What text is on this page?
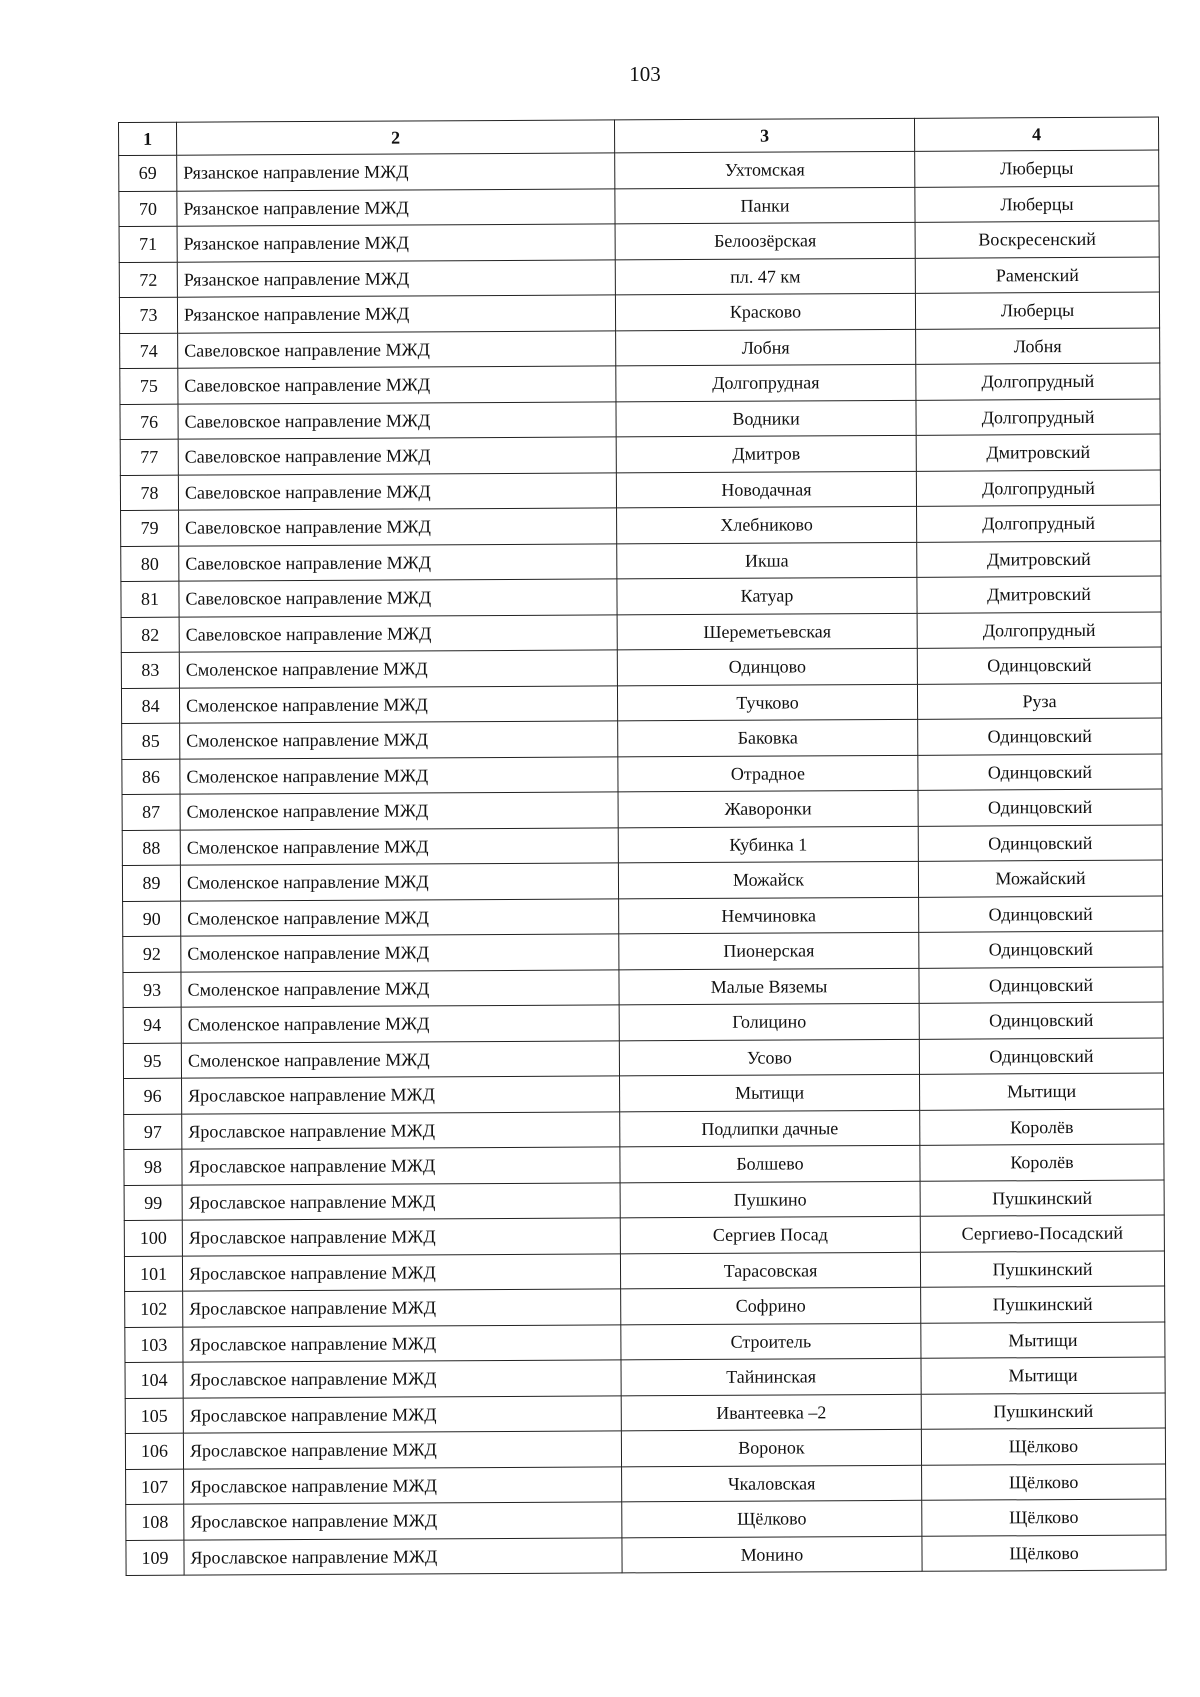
103
1	2	3	4
69	Рязанское направление МЖД	Ухтомская	Люберцы
70	Рязанское направление МЖД	Панки	Люберцы
71	Рязанское направление МЖД	Белоозёрская	Воскресенский
72	Рязанское направление МЖД	пл. 47 км	Раменский
73	Рязанское направление МЖД	Красково	Люберцы
74	Савеловское направление МЖД	Лобня	Лобня
75	Савеловское направление МЖД	Долгопрудная	Долгопрудный
76	Савеловское направление МЖД	Водники	Долгопрудный
77	Савеловское направление МЖД	Дмитров	Дмитровский
78	Савеловское направление МЖД	Новодачная	Долгопрудный
79	Савеловское направление МЖД	Хлебниково	Долгопрудный
80	Савеловское направление МЖД	Икша	Дмитровский
81	Савеловское направление МЖД	Катуар	Дмитровский
82	Савеловское направление МЖД	Шереметьевская	Долгопрудный
83	Смоленское направление МЖД	Одинцово	Одинцовский
84	Смоленское направление МЖД	Тучково	Руза
85	Смоленское направление МЖД	Баковка	Одинцовский
86	Смоленское направление МЖД	Отрадное	Одинцовский
87	Смоленское направление МЖД	Жаворонки	Одинцовский
88	Смоленское направление МЖД	Кубинка 1	Одинцовский
89	Смоленское направление МЖД	Можайск	Можайский
90	Смоленское направление МЖД	Немчиновка	Одинцовский
92	Смоленское направление МЖД	Пионерская	Одинцовский
93	Смоленское направление МЖД	Малые Вяземы	Одинцовский
94	Смоленское направление МЖД	Голицино	Одинцовский
95	Смоленское направление МЖД	Усово	Одинцовский
96	Ярославское направление МЖД	Мытищи	Мытищи
97	Ярославское направление МЖД	Подлипки дачные	Королёв
98	Ярославское направление МЖД	Болшево	Королёв
99	Ярославское направление МЖД	Пушкино	Пушкинский
100	Ярославское направление МЖД	Сергиев Посад	Сергиево-Посадский
101	Ярославское направление МЖД	Тарасовская	Пушкинский
102	Ярославское направление МЖД	Софрино	Пушкинский
103	Ярославское направление МЖД	Строитель	Мытищи
104	Ярославское направление МЖД	Тайнинская	Мытищи
105	Ярославское направление МЖД	Ивантеевка –2	Пушкинский
106	Ярославское направление МЖД	Воронок	Щёлково
107	Ярославское направление МЖД	Чкаловская	Щёлково
108	Ярославское направление МЖД	Щёлково	Щёлково
109	Ярославское направление МЖД	Монино	Щёлково
